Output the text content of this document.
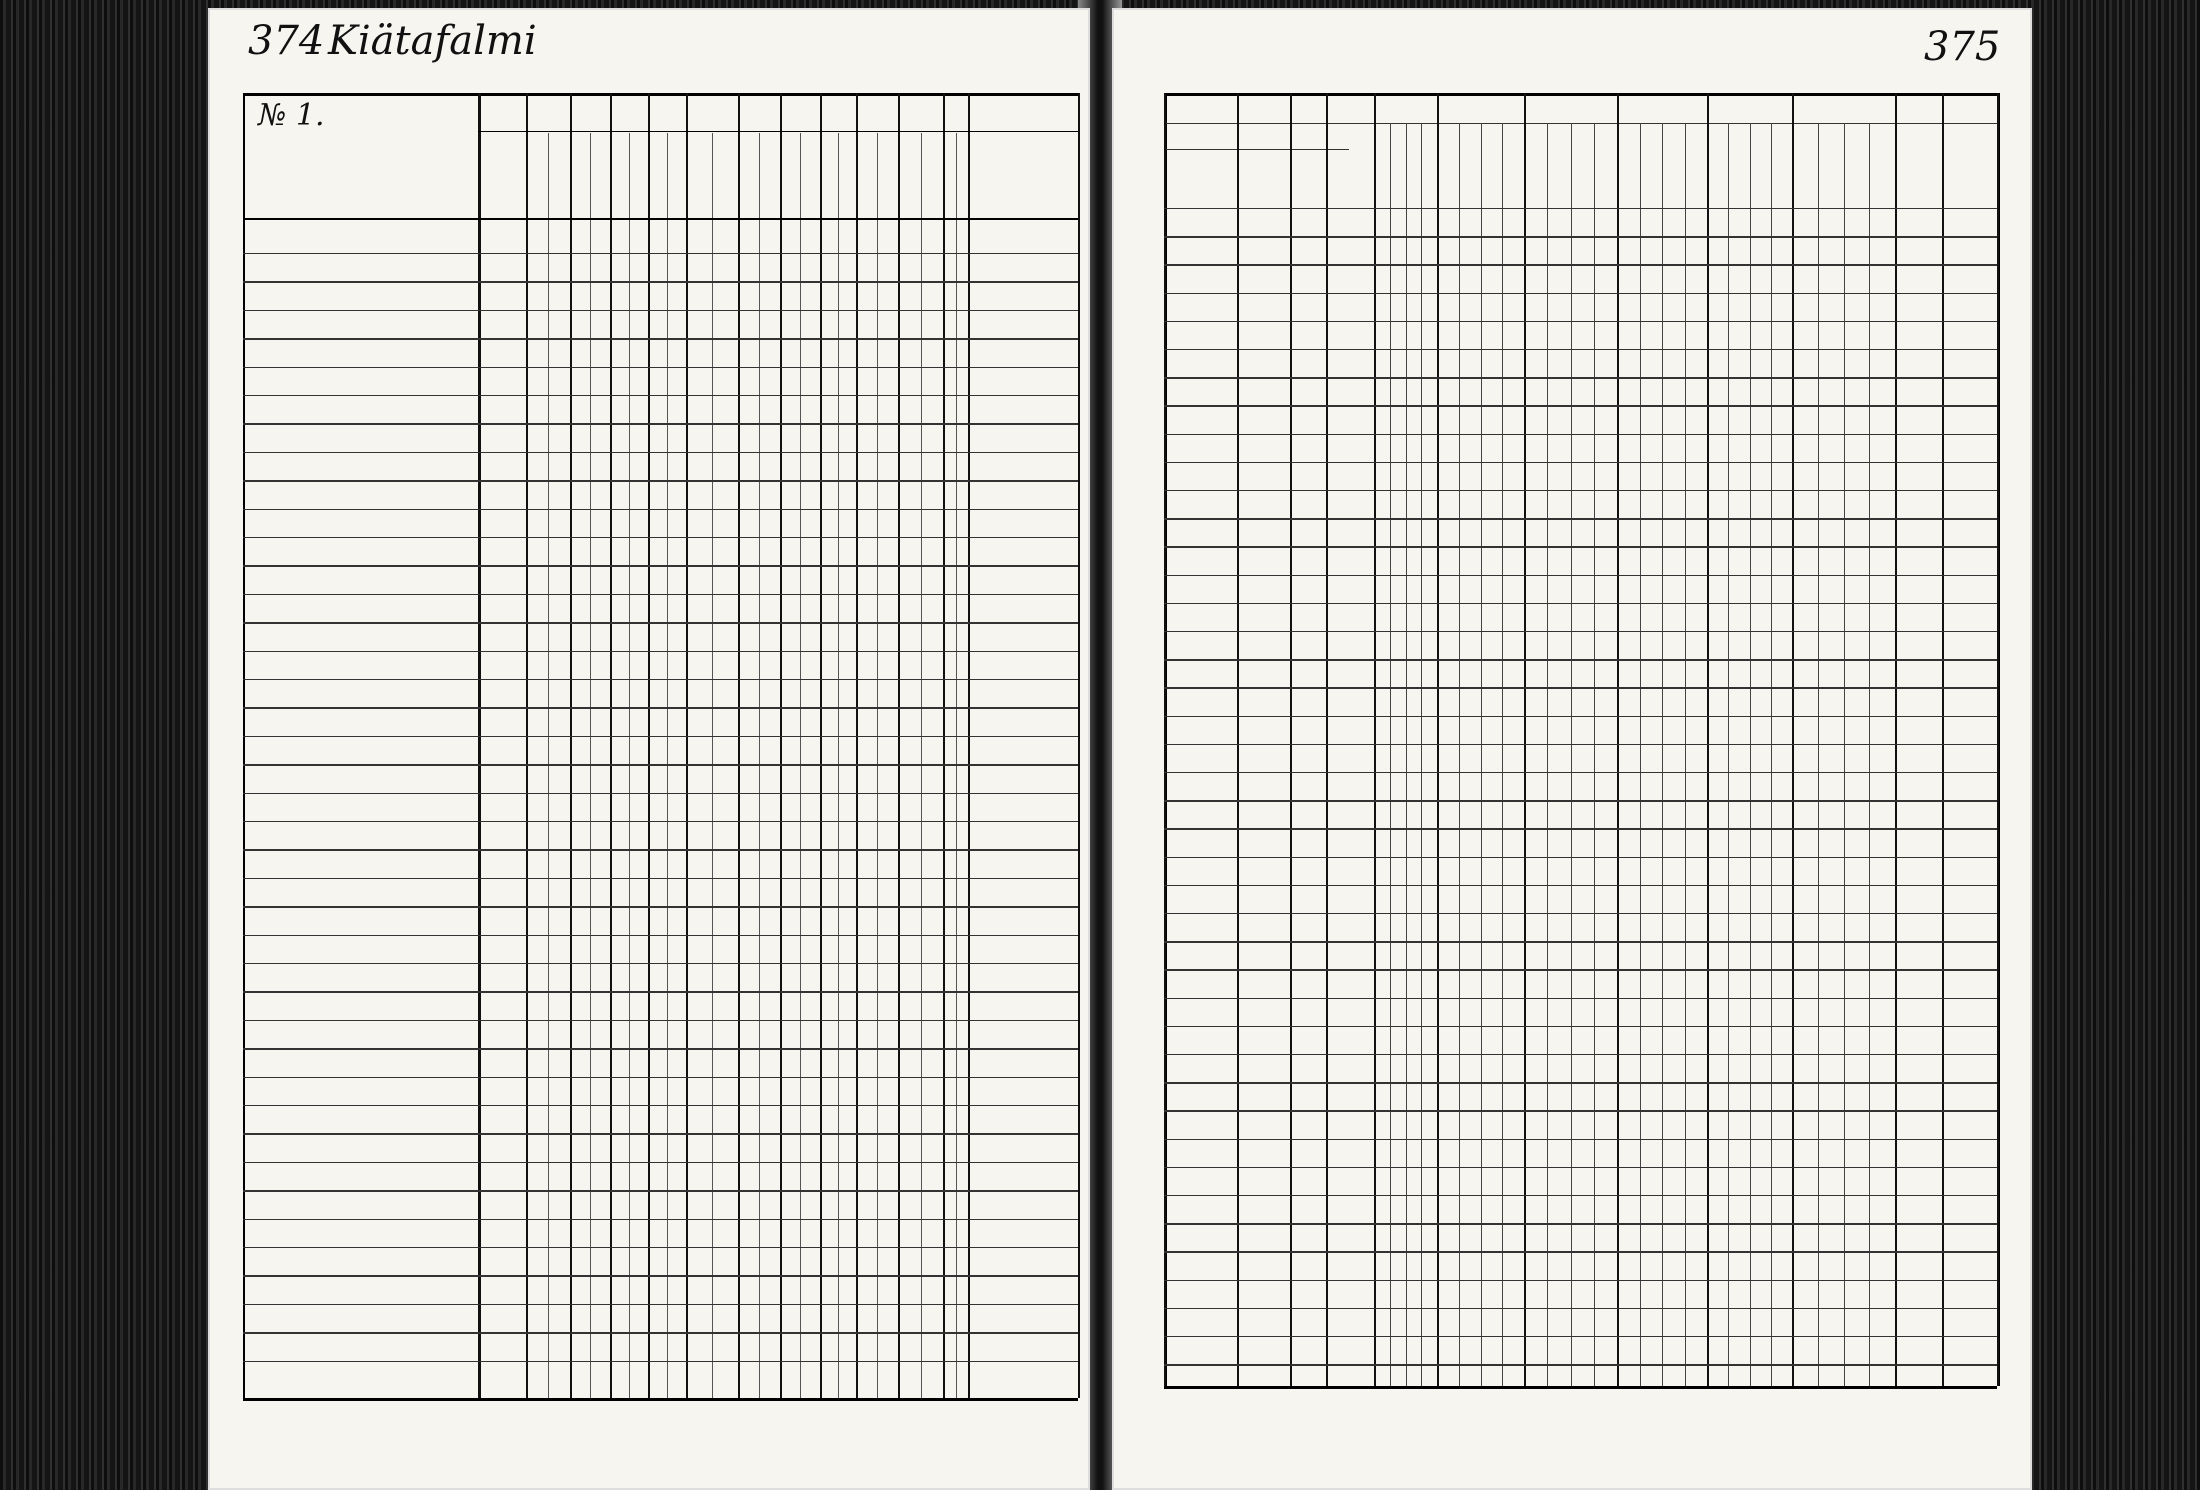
374 Kiätafalmi
№ 1.
375
